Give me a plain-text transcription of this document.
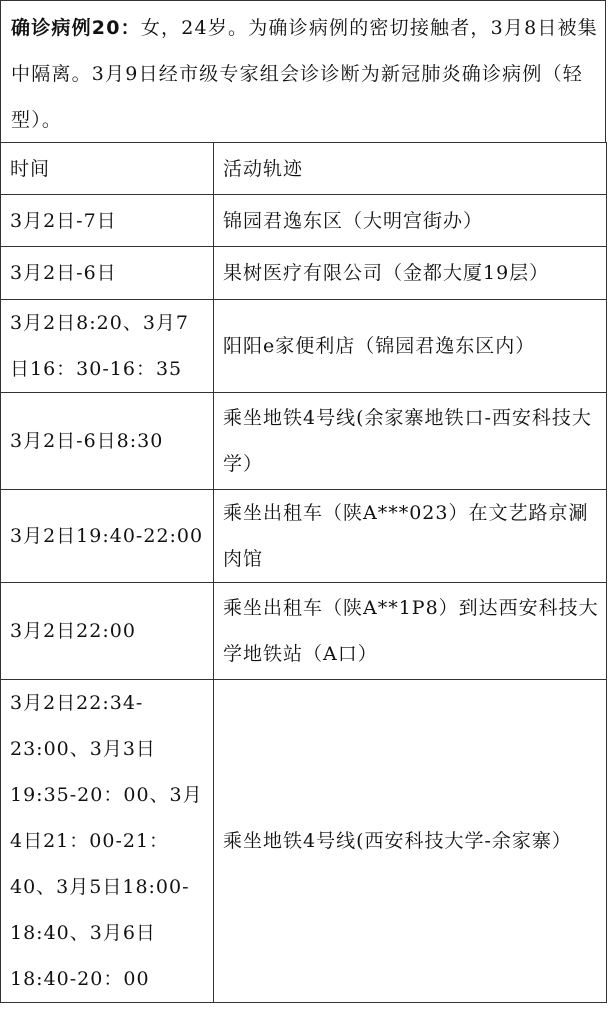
确诊病例20：女，24岁。为确诊病例的密切接触者，3月8日被集中隔离。3月9日经市级专家组会诊诊断为新冠肺炎确诊病例（轻型）。
时间	活动轨迹
3月2日-7日	锦园君逸东区（大明宫街办）
3月2日-6日	果树医疗有限公司（金都大厦19层）
3月2日8:20、3月7日16：30-16：35	阳阳e家便利店（锦园君逸东区内）
3月2日-6日8:30	乘坐地铁4号线(余家寨地铁口-西安科技大学）
3月2日19:40-22:00	乘坐出租车（陕A***023）在文艺路京涮肉馆
3月2日22:00	乘坐出租车（陕A**1P8）到达西安科技大学地铁站（A口）
3月2日22:34-23:00、3月3日19:35-20：00、3月4日21：00-21：40、3月5日18:00-18:40、3月6日18:40-20：00	乘坐地铁4号线(西安科技大学-余家寨）
